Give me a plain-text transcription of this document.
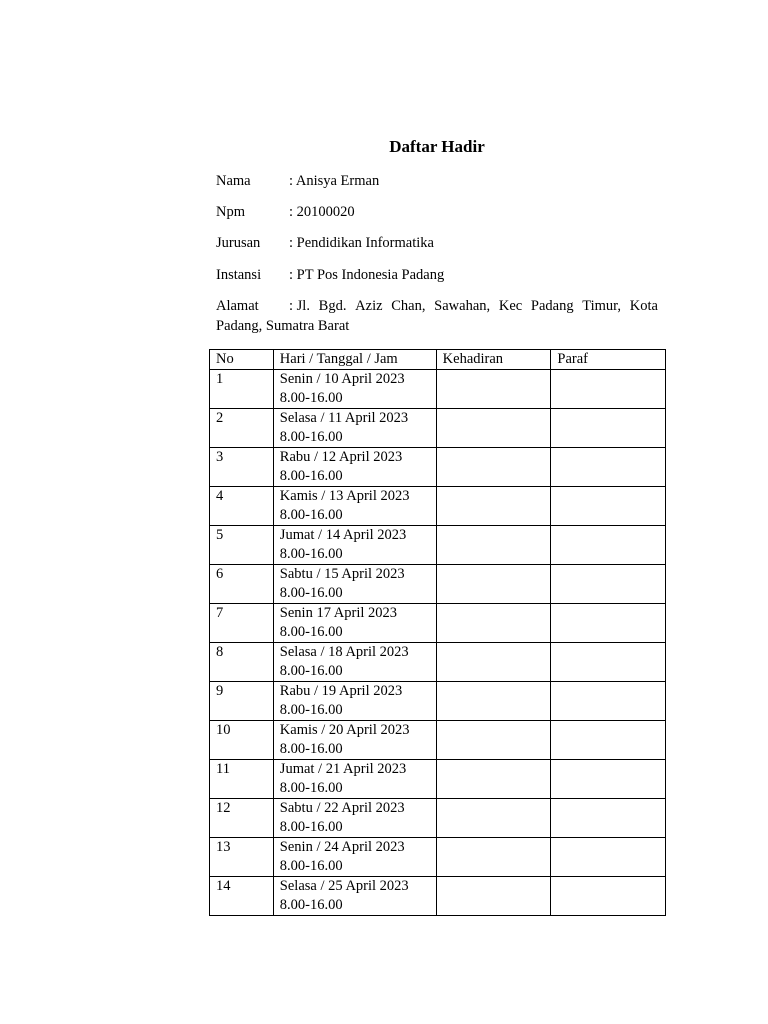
Daftar Hadir
Nama	: Anisya Erman
Npm	: 20100020
Jurusan : Pendidikan Informatika
Instansi : PT Pos Indonesia Padang
Alamat : Jl. Bgd. Aziz Chan, Sawahan, Kec Padang Timur, Kota
Padang, Sumatra Barat
No	Hari / Tanggal / Jam	Kehadiran	Paraf
1	Senin / 10 April 2023
8.00-16.00		

2	Selasa / 11 April 2023
8.00-16.00		

3	Rabu / 12 April 2023
8.00-16.00		

4	Kamis / 13 April 2023
8.00-16.00		

5	Jumat / 14 April 2023
8.00-16.00		

6	Sabtu / 15 April 2023
8.00-16.00		

7	Senin 17 April 2023
8.00-16.00		

8	Selasa / 18 April 2023
8.00-16.00		

9	Rabu / 19 April 2023
8.00-16.00		

10	Kamis / 20 April 2023
8.00-16.00		

11	Jumat / 21 April 2023
8.00-16.00		

12	Sabtu / 22 April 2023
8.00-16.00		

13	Senin / 24 April 2023
8.00-16.00		

14	Selasa / 25 April 2023
8.00-16.00		
